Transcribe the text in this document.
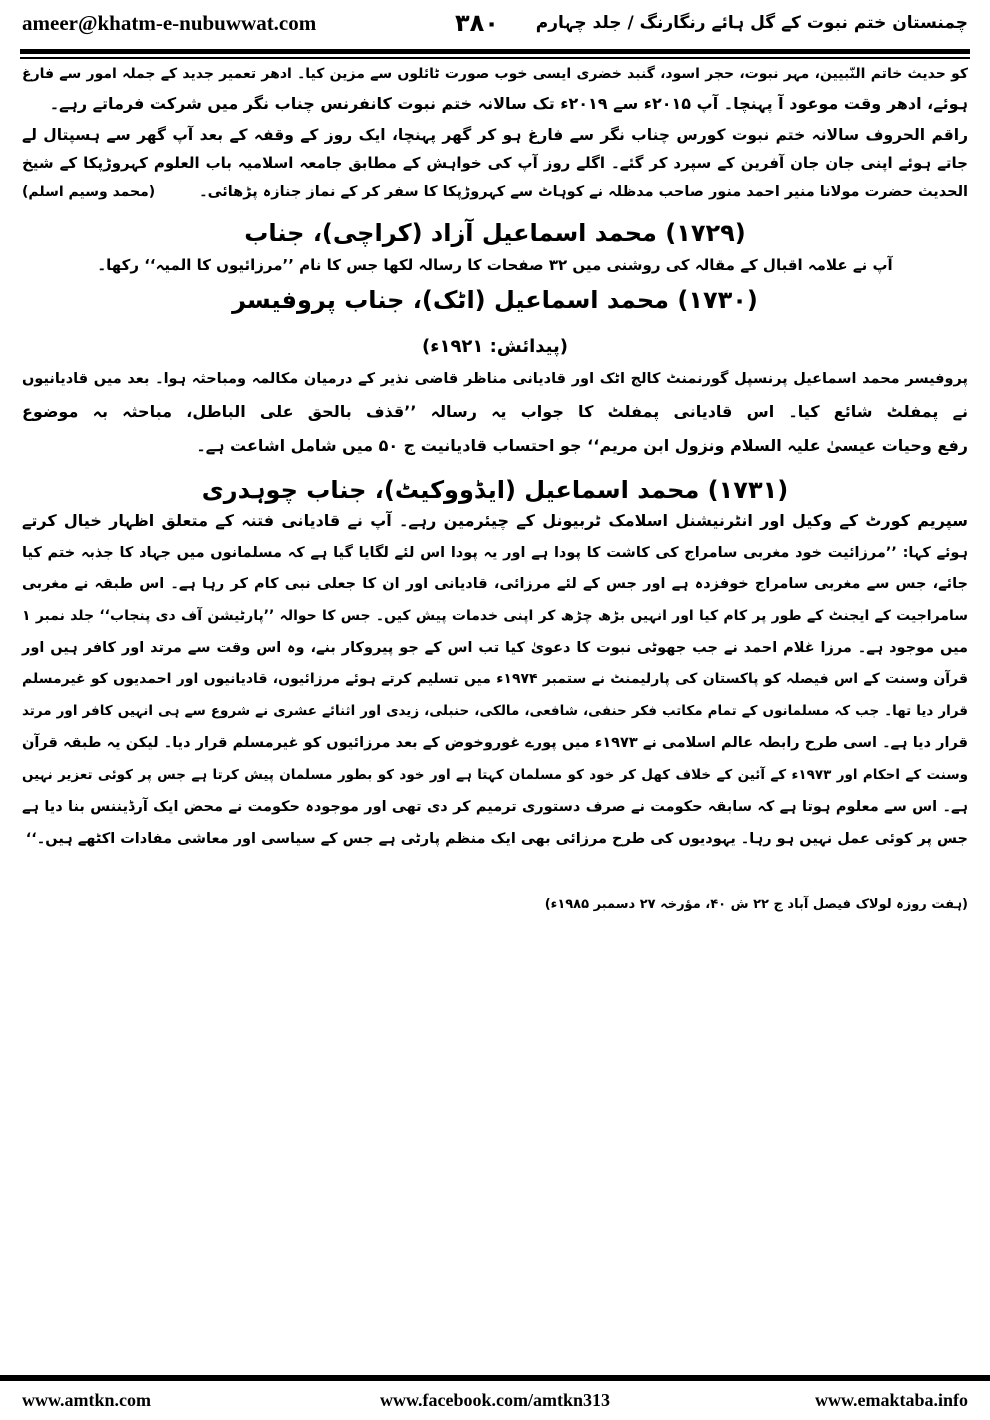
ameer@khatm-e-nubuwwat.com	۳۸۰ چمنستان ختم نبوت کے گل ہائے رنگارنگ / جلد چہارم
کو حدیث خاتم النّبیین، مہر نبوت، حجر اسود، گنبد خضری ایسی خوب صورت ٹائلوں سے مزین کیا۔ ادھر تعمیر جدید کے جملہ امور سے فارغ
ہوئے، ادھر وقت موعود آ پہنچا۔ آپ ۲۰۱۵ء سے ۲۰۱۹ء تک سالانہ ختم نبوت کانفرنس چناب نگر میں شرکت فرماتے رہے۔
راقم الحروف سالانہ ختم نبوت کورس چناب نگر سے فارغ ہو کر گھر پہنچا، ایک روز کے وقفہ کے بعد آپ گھر سے ہسپتال لے
جاتے ہوئے اپنی جان جان آفرین کے سپرد کر گئے۔ اگلے روز آپ کی خواہش کے مطابق جامعہ اسلامیہ باب العلوم کہروڑپکا کے شیخ
الحدیث حضرت مولانا منیر احمد منور صاحب مدظلہ نے کوہاٹ سے کہروڑپکا کا سفر کر کے نماز جنازہ پڑھائی۔
(محمد وسیم اسلم)
(۱۷۲۹) محمد اسماعیل آزاد (کراچی)، جناب
آپ نے علامہ اقبال کے مقالہ کی روشنی میں ۳۲ صفحات کا رسالہ لکھا جس کا نام ’’مرزائیوں کا المیہ‘‘ رکھا۔
(۱۷۳۰) محمد اسماعیل (اٹک)، جناب پروفیسر
(پیدائش: ۱۹۲۱ء)
پروفیسر محمد اسماعیل پرنسپل گورنمنٹ کالج اٹک اور قادیانی مناظر قاضی نذیر کے درمیان مکالمہ ومباحثہ ہوا۔ بعد میں قادیانیوں
نے پمفلٹ شائع کیا۔ اس قادیانی پمفلٹ کا جواب یہ رسالہ ’’قذف بالحق علی الباطل، مباحثہ بہ موضوع
رفع وحیات عیسیٰ علیہ السلام ونزول ابن مریم‘‘ جو احتساب قادیانیت ج ۵۰ میں شامل اشاعت ہے۔
(۱۷۳۱) محمد اسماعیل (ایڈووکیٹ)، جناب چوہدری
سپریم کورٹ کے وکیل اور انٹرنیشنل اسلامک ٹربیونل کے چیئرمین رہے۔ آپ نے قادیانی فتنہ کے متعلق اظہار خیال کرتے
ہوئے کہا: ’’مرزائیت خود مغربی سامراج کی کاشت کا پودا ہے اور یہ پودا اس لئے لگایا گیا ہے کہ مسلمانوں میں جہاد کا جذبہ ختم کیا
جائے، جس سے مغربی سامراج خوفزدہ ہے اور جس کے لئے مرزائی، قادیانی اور ان کا جعلی نبی کام کر رہا ہے۔ اس طبقہ نے مغربی
سامراجیت کے ایجنٹ کے طور پر کام کیا اور انہیں بڑھ چڑھ کر اپنی خدمات پیش کیں۔ جس کا حوالہ ’’پارٹیشن آف دی پنجاب‘‘ جلد نمبر ۱
میں موجود ہے۔ مرزا غلام احمد نے جب جھوٹی نبوت کا دعویٰ کیا تب اس کے جو پیروکار بنے، وہ اس وقت سے مرتد اور کافر ہیں اور
قرآن وسنت کے اس فیصلہ کو پاکستان کی پارلیمنٹ نے ستمبر ۱۹۷۴ء میں تسلیم کرتے ہوئے مرزائیوں، قادیانیوں اور احمدیوں کو غیرمسلم
قرار دیا تھا۔ جب کہ مسلمانوں کے تمام مکاتب فکر حنفی، شافعی، مالکی، حنبلی، زیدی اور اثنائے عشری نے شروع سے ہی انہیں کافر اور مرتد
قرار دیا ہے۔ اسی طرح رابطہ عالم اسلامی نے ۱۹۷۳ء میں پورے غوروخوض کے بعد مرزائیوں کو غیرمسلم قرار دیا۔ لیکن یہ طبقہ قرآن
وسنت کے احکام اور ۱۹۷۳ء کے آئین کے خلاف کھل کر خود کو مسلمان کہتا ہے اور خود کو بطور مسلمان پیش کرتا ہے جس پر کوئی تعزیر نہیں
ہے۔ اس سے معلوم ہوتا ہے کہ سابقہ حکومت نے صرف دستوری ترمیم کر دی تھی اور موجودہ حکومت نے محض ایک آرڈیننس بنا دیا ہے
جس پر کوئی عمل نہیں ہو رہا۔ یہودیوں کی طرح مرزائی بھی ایک منظم پارٹی ہے جس کے سیاسی اور معاشی مفادات اکٹھے ہیں۔‘‘
(ہفت روزہ لولاک فیصل آباد ج ۲۲ ش ۴۰، مؤرخہ ۲۷ دسمبر ۱۹۸۵ء)
www.amtkn.com	www.facebook.com/amtkn313	www.emaktaba.info
